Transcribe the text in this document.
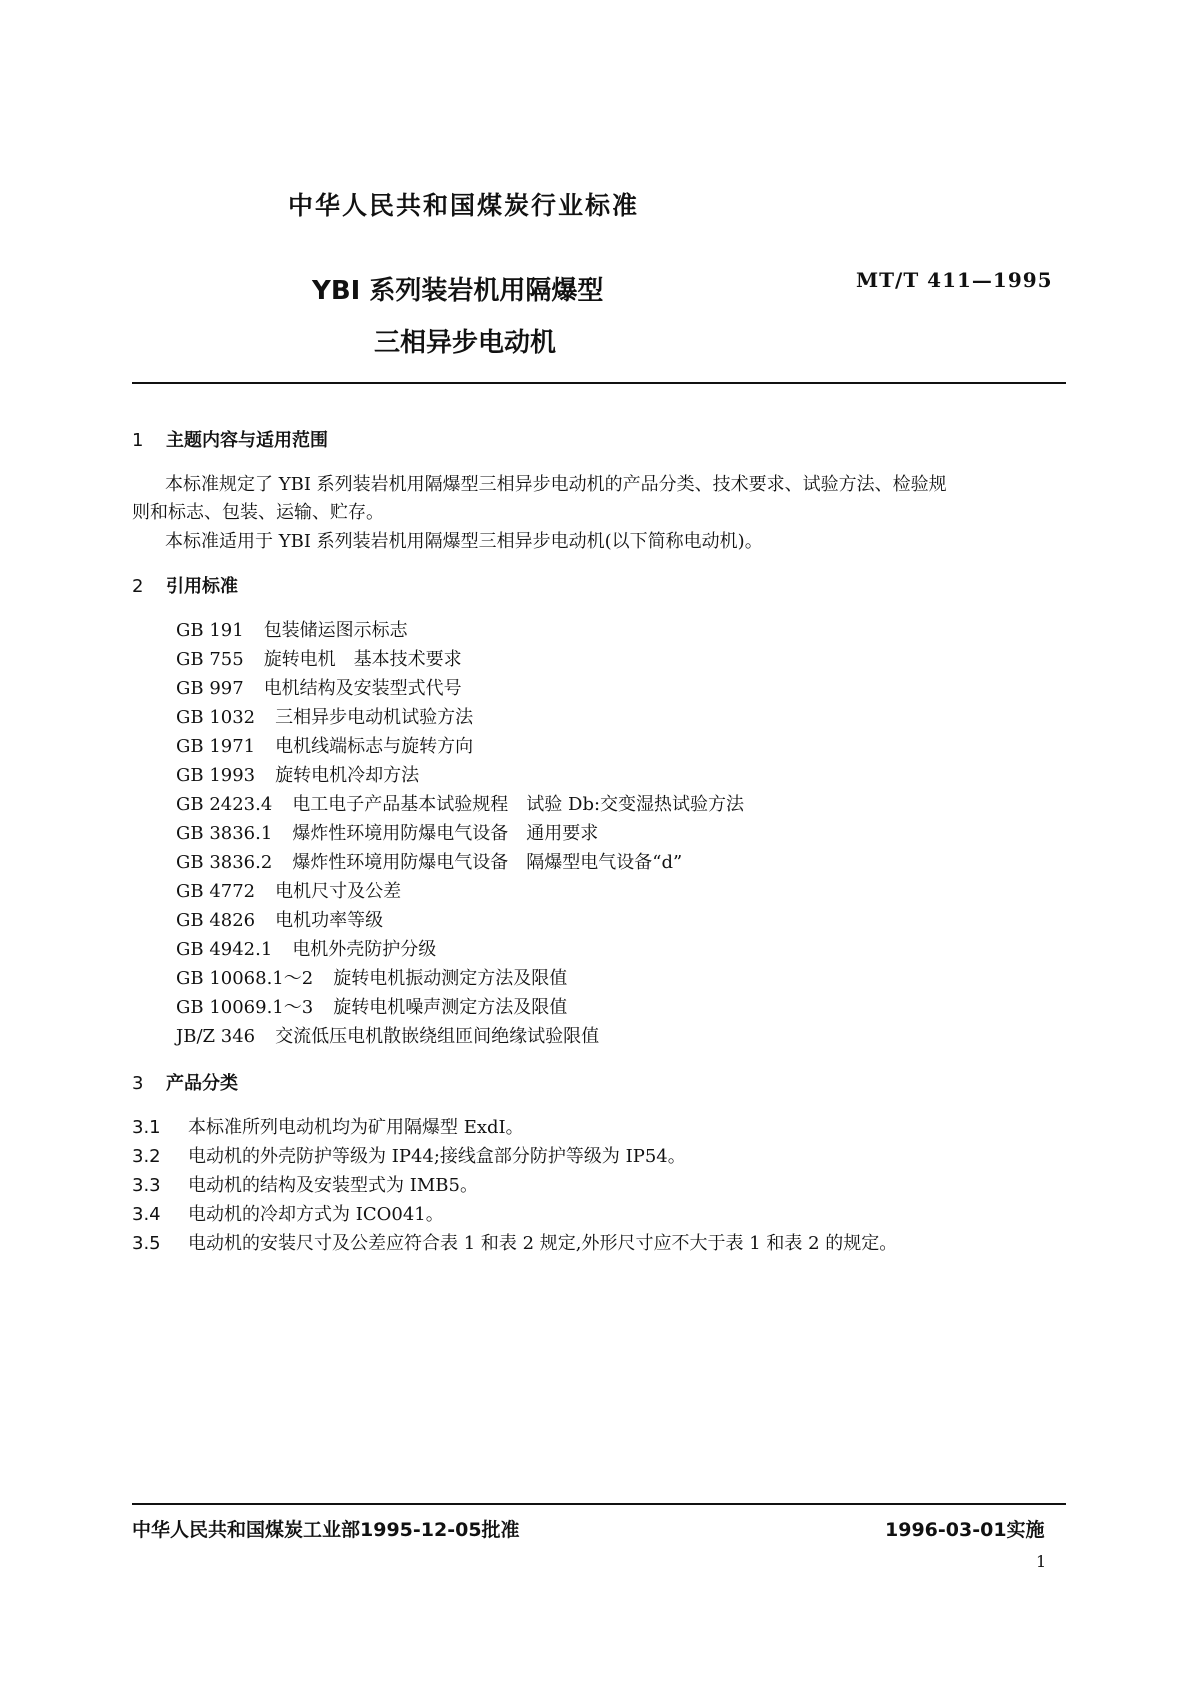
中华人民共和国煤炭行业标准
YBI 系列装岩机用隔爆型
三相异步电动机
MT/T 411—1995
1 主题内容与适用范围
本标准规定了 YBI 系列装岩机用隔爆型三相异步电动机的产品分类、技术要求、试验方法、检验规
则和标志、包装、运输、贮存。
本标准适用于 YBI 系列装岩机用隔爆型三相异步电动机(以下简称电动机)。
2 引用标准
GB 191 包装储运图示标志
GB 755 旋转电机　基本技术要求
GB 997 电机结构及安装型式代号
GB 1032 三相异步电动机试验方法
GB 1971 电机线端标志与旋转方向
GB 1993 旋转电机冷却方法
GB 2423.4 电工电子产品基本试验规程　试验 Db:交变湿热试验方法
GB 3836.1 爆炸性环境用防爆电气设备　通用要求
GB 3836.2 爆炸性环境用防爆电气设备　隔爆型电气设备“d”
GB 4772 电机尺寸及公差
GB 4826 电机功率等级
GB 4942.1 电机外壳防护分级
GB 10068.1～2 旋转电机振动测定方法及限值
GB 10069.1～3 旋转电机噪声测定方法及限值
JB/Z 346 交流低压电机散嵌绕组匝间绝缘试验限值
3 产品分类
3.1 本标准所列电动机均为矿用隔爆型 ExdI。
3.2 电动机的外壳防护等级为 IP44;接线盒部分防护等级为 IP54。
3.3 电动机的结构及安装型式为 IMB5。
3.4 电动机的冷却方式为 ICO041。
3.5 电动机的安装尺寸及公差应符合表 1 和表 2 规定,外形尺寸应不大于表 1 和表 2 的规定。
中华人民共和国煤炭工业部1995-12-05批准	1996-03-01实施
1
